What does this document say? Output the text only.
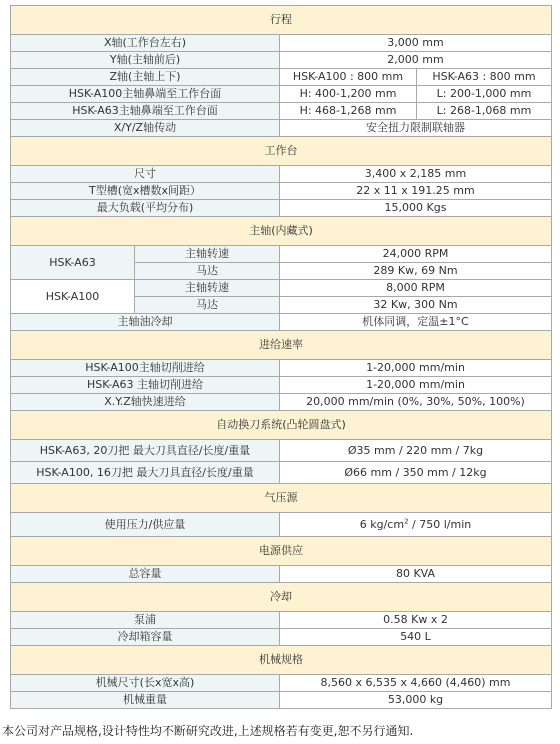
行程			
X轴(工作台左右)		3,000 mm	
Y轴(主轴前后)		2,000 mm	
Z轴(主轴上下)		HSK-A100 : 800 mm	HSK-A63 : 800 mm
HSK-A100主轴鼻端至工作台面		H: 400-1,200 mm	L: 200-1,000 mm
HSK-A63主轴鼻端至工作台面		H: 468-1,268 mm	L: 268-1,068 mm
X/Y/Z轴传动		安全扭力限制联轴器	
工作台			
尺寸		3,400 x 2,185 mm	
T型槽(宽x槽数x间距）		22 x 11 x 191.25 mm	
最大负载(平均分布)		15,000 Kgs	
主轴(内藏式)			
HSK-A63	主轴转速	24,000 RPM	
	马达	289 Kw, 69 Nm	
HSK-A100	主轴转速	8,000 RPM	
	马达	32 Kw, 300 Nm	
主轴油冷却		机体同调，定温±1°C	
进给速率			
HSK-A100主轴切削进给		1-20,000 mm/min	
HSK-A63 主轴切削进给		1-20,000 mm/min	
X.Y.Z轴快速进给		20,000 mm/min (0%, 30%, 50%, 100%)	
自动换刀系统(凸轮圆盘式)			
HSK-A63, 20刀把 最大刀具直径/长度/重量		Ø35 mm / 220 mm / 7kg	
HSK-A100, 16刀把 最大刀具直径/长度/重量		Ø66 mm / 350 mm / 12kg	
气压源			
使用压力/供应量		6 $kg/cm^2 / 750$ l/min	
电源供应			
总容量		80 KVA	
冷却			
泵浦		0.58 Kw x 2	
冷却箱容量		540 L	
机械规格			
机械尺寸(长x宽x高)		8,560 x 6,535 x 4,660 (4,460) mm	
机械重量		53,000 kg	
本公司对产品规格,设计特性均不断研究改进,上述规格若有变更,恕不另行通知.
